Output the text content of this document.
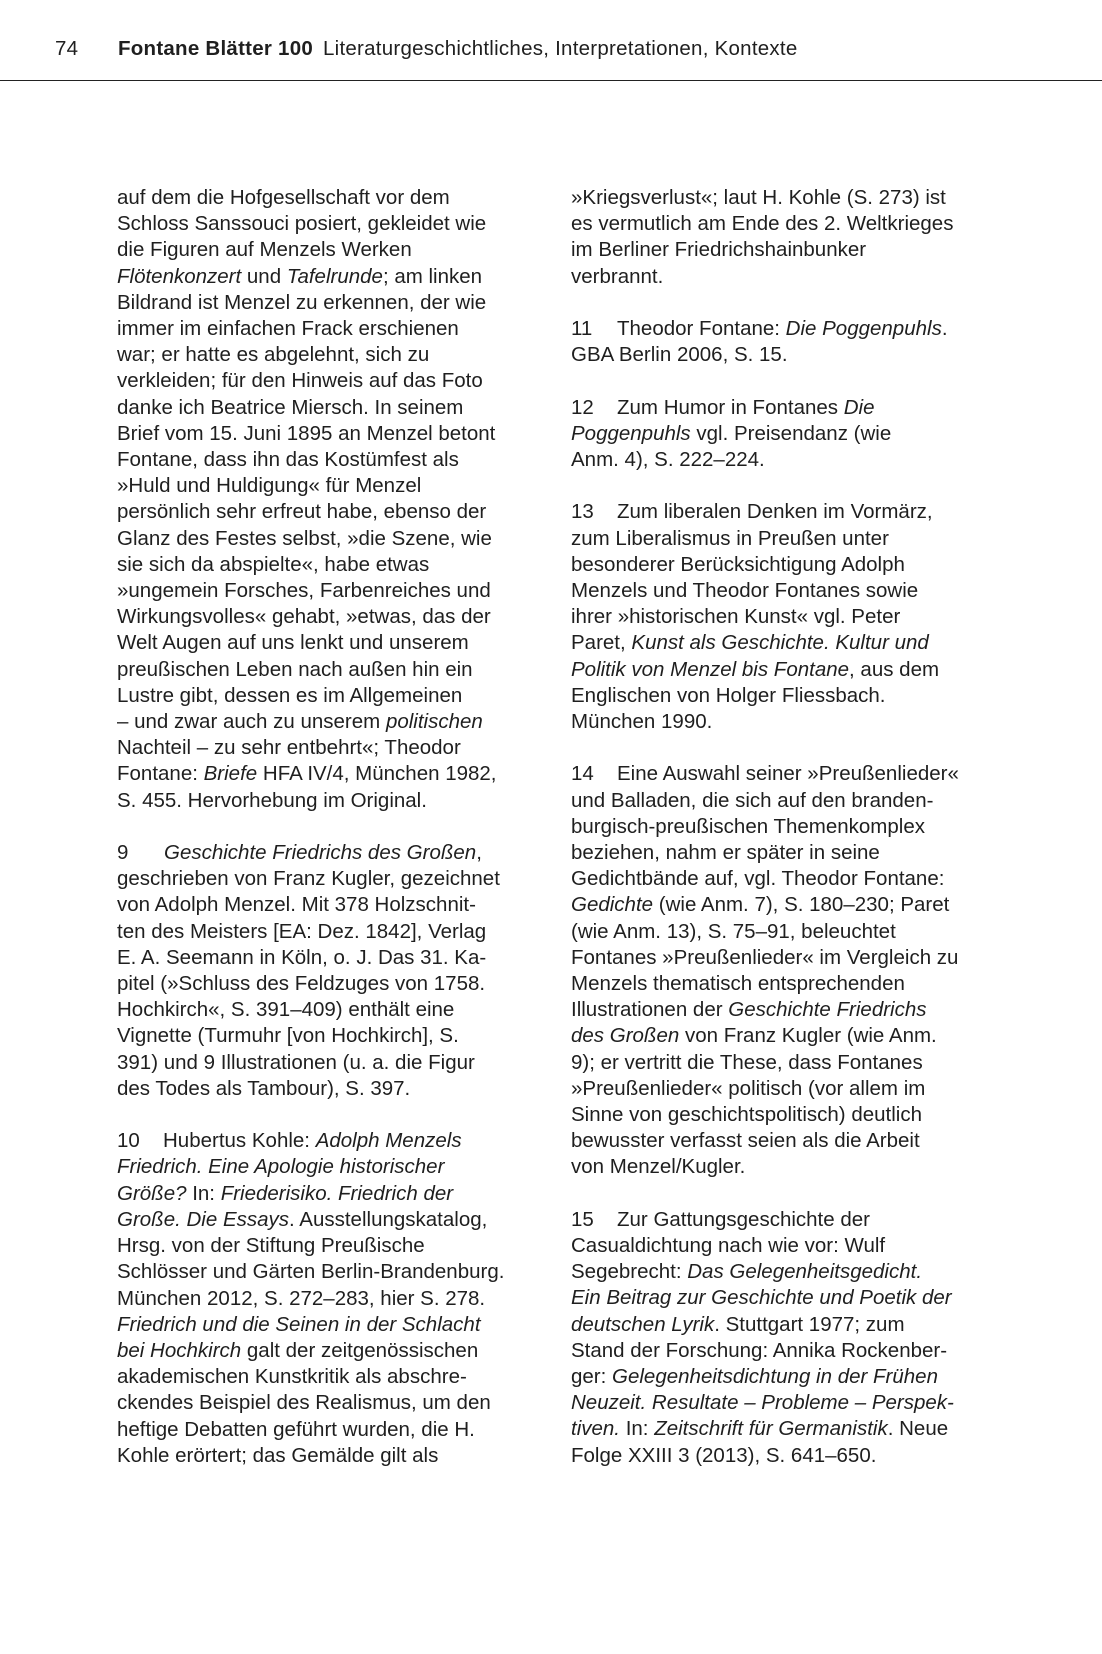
74 Fontane Blätter 100 Literaturgeschichtliches, Interpretationen, Kontexte

auf dem die Hofgesellschaft vor dem
Schloss Sanssouci posiert, gekleidet wie
die Figuren auf Menzels Werken
Flötenkonzert und Tafelrunde; am linken
Bildrand ist Menzel zu erkennen, der wie
immer im einfachen Frack erschienen
war; er hatte es abgelehnt, sich zu
verkleiden; für den Hinweis auf das Foto
danke ich Beatrice Miersch. In seinem
Brief vom 15. Juni 1895 an Menzel betont
Fontane, dass ihn das Kostümfest als
»Huld und Huldigung« für Menzel
persönlich sehr erfreut habe, ebenso der
Glanz des Festes selbst, »die Szene, wie
sie sich da abspielte«, habe etwas
»ungemein Forsches, Farbenreiches und
Wirkungsvolles« gehabt, »etwas, das der
Welt Augen auf uns lenkt und unserem
preußischen Leben nach außen hin ein
Lustre gibt, dessen es im Allgemeinen
– und zwar auch zu unserem politischen
Nachteil – zu sehr entbehrt«; Theodor
Fontane: Briefe HFA IV/4, München 1982,
S. 455. Hervorhebung im Original.

9 Geschichte Friedrichs des Großen,
geschrieben von Franz Kugler, gezeichnet
von Adolph Menzel. Mit 378 Holzschnit-
ten des Meisters [EA: Dez. 1842], Verlag
E. A. Seemann in Köln, o. J. Das 31. Ka-
pitel (»Schluss des Feldzuges von 1758.
Hochkirch«, S. 391–409) enthält eine
Vignette (Turmuhr [von Hochkirch], S.
391) und 9 Illustrationen (u. a. die Figur
des Todes als Tambour), S. 397.

10 Hubertus Kohle: Adolph Menzels
Friedrich. Eine Apologie historischer
Größe? In: Friederisiko. Friedrich der
Große. Die Essays. Ausstellungskatalog,
Hrsg. von der Stiftung Preußische
Schlösser und Gärten Berlin-Brandenburg.
München 2012, S. 272–283, hier S. 278.
Friedrich und die Seinen in der Schlacht
bei Hochkirch galt der zeitgenössischen
akademischen Kunstkritik als abschre-
ckendes Beispiel des Realismus, um den
heftige Debatten geführt wurden, die H.
Kohle erörtert; das Gemälde gilt als

»Kriegsverlust«; laut H. Kohle (S. 273) ist
es vermutlich am Ende des 2. Weltkrieges
im Berliner Friedrichshainbunker
verbrannt.

11 Theodor Fontane: Die Poggenpuhls.
GBA Berlin 2006, S. 15.

12 Zum Humor in Fontanes Die
Poggenpuhls vgl. Preisendanz (wie
Anm. 4), S. 222–224.

13 Zum liberalen Denken im Vormärz,
zum Liberalismus in Preußen unter
besonderer Berücksichtigung Adolph
Menzels und Theodor Fontanes sowie
ihrer »historischen Kunst« vgl. Peter
Paret, Kunst als Geschichte. Kultur und
Politik von Menzel bis Fontane, aus dem
Englischen von Holger Fliessbach.
München 1990.

14 Eine Auswahl seiner »Preußenlieder«
und Balladen, die sich auf den branden-
burgisch-preußischen Themenkomplex
beziehen, nahm er später in seine
Gedichtbände auf, vgl. Theodor Fontane:
Gedichte (wie Anm. 7), S. 180–230; Paret
(wie Anm. 13), S. 75–91, beleuchtet
Fontanes »Preußenlieder« im Vergleich zu
Menzels thematisch entsprechenden
Illustrationen der Geschichte Friedrichs
des Großen von Franz Kugler (wie Anm.
9); er vertritt die These, dass Fontanes
»Preußenlieder« politisch (vor allem im
Sinne von geschichtspolitisch) deutlich
bewusster verfasst seien als die Arbeit
von Menzel/Kugler.

15 Zur Gattungsgeschichte der
Casualdichtung nach wie vor: Wulf
Segebrecht: Das Gelegenheitsgedicht.
Ein Beitrag zur Geschichte und Poetik der
deutschen Lyrik. Stuttgart 1977; zum
Stand der Forschung: Annika Rockenber-
ger: Gelegenheitsdichtung in der Frühen
Neuzeit. Resultate – Probleme – Perspek-
tiven. In: Zeitschrift für Germanistik. Neue
Folge XXIII 3 (2013), S. 641–650.
